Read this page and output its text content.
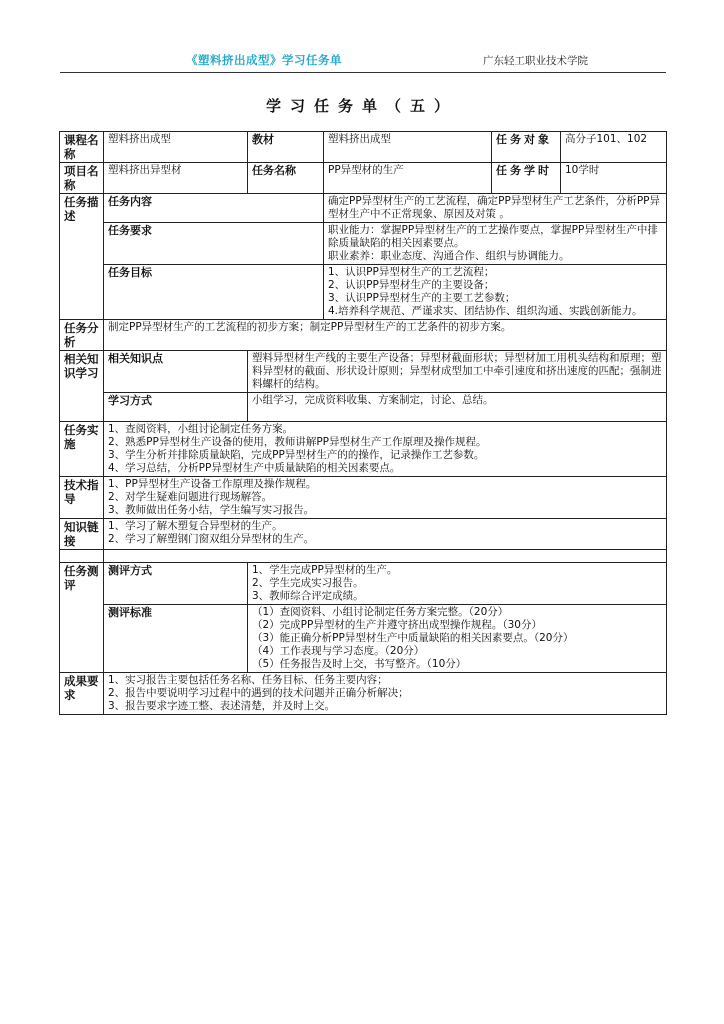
《塑料挤出成型》学习任务单	广东轻工职业技术学院
学习任务单（五）
课程名称	塑料挤出成型	教材	塑料挤出成型	任务对象	高分子101、102
项目名称	塑料挤出异型材	任务名称	PP异型材的生产	任务学时	10学时
任务描述	任务内容		确定PP异型材生产的工艺流程，确定PP异型材生产工艺条件，分析PP异型材生产中不正常现象、原因及对策 。		
	任务要求		职业能力：掌握PP异型材生产的工艺操作要点，掌握PP异型材生产中排除质量缺陷的相关因素要点。
职业素养：职业态度、沟通合作、组织与协调能力。		

	任务目标		1、认识PP异型材生产的工艺流程；
2、认识PP异型材生产的主要设备；
3、认识PP异型材生产的主要工艺参数；
4.培养科学规范、严谨求实、团结协作、组织沟通、实践创新能力。		

任务分析	制定PP异型材生产的工艺流程的初步方案；制定PP异型材生产的工艺条件的初步方案。				
相关知识学习	相关知识点	塑料异型材生产线的主要生产设备；异型材截面形状；异型材加工用机头结构和原理；塑料异型材的截面、形状设计原则；异型材成型加工中牵引速度和挤出速度的匹配；强制进料螺杆的结构。			
	学习方式	小组学习，完成资料收集、方案制定，讨论、总结。			
任务实施	1、查阅资料，小组讨论制定任务方案。
2、熟悉PP异型材生产设备的使用，教师讲解PP异型材生产工作原理及操作规程。
3、学生分析并排除质量缺陷，完成PP异型材生产的的操作，记录操作工艺参数。
4、学习总结，分析PP异型材生产中质量缺陷的相关因素要点。				

技术指导	1、PP异型材生产设备工作原理及操作规程。
2、对学生疑难问题进行现场解答。
3、教师做出任务小结，学生编写实习报告。				

知识链接	1、学习了解木塑复合异型材的生产。
2、学习了解塑钢门窗双组分异型材的生产。				

任务测评	测评方式	1、学生完成PP异型材的生产。
2、学生完成实习报告。
3、教师综合评定成绩。			

	测评标准	（1）查阅资料、小组讨论制定任务方案完整。（20分）
（2）完成PP异型材的生产并遵守挤出成型操作规程。（30分）
（3）能正确分析PP异型材生产中质量缺陷的相关因素要点。（20分）
（4）工作表现与学习态度。（20分）
（5）任务报告及时上交，书写整齐。（10分）			

成果要求	1、实习报告主要包括任务名称、任务目标、任务主要内容；
2、报告中要说明学习过程中的遇到的技术问题并正确分析解决；
3、报告要求字迹工整、表述清楚，并及时上交。				
